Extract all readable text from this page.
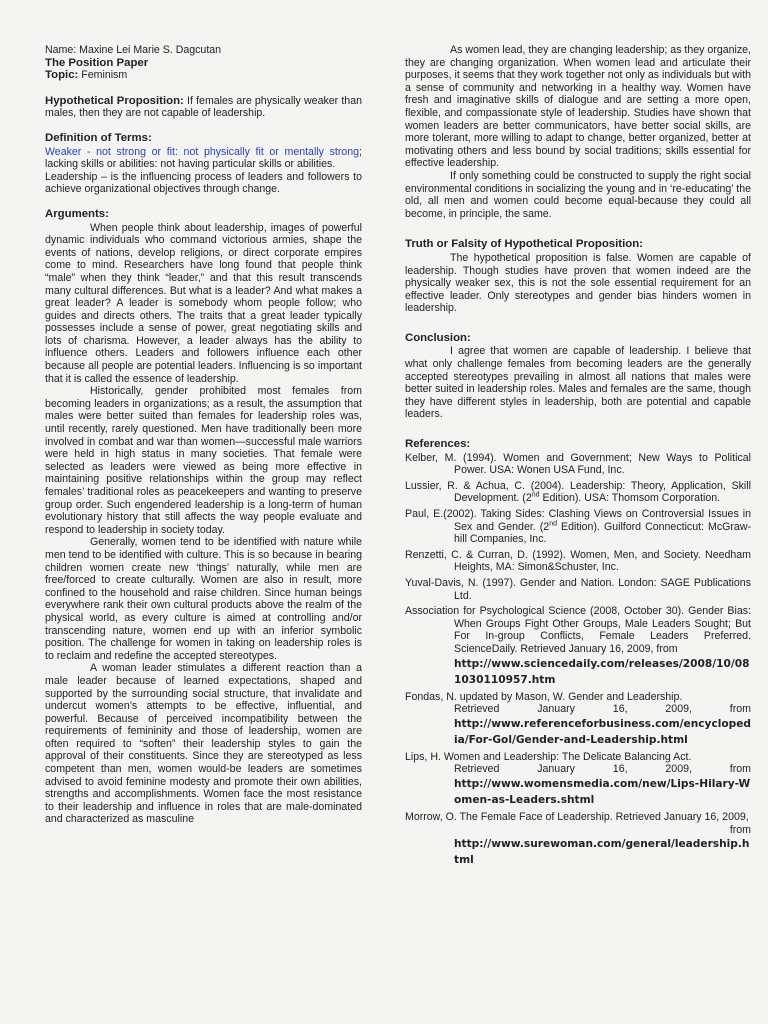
Name: Maxine Lei Marie S. Dagcutan

The Position Paper

Topic: Feminism

Hypothetical Proposition: If females are physically weaker than males, then they are not capable of leadership.

Definition of Terms:

Weaker - not strong or fit: not physically fit or mentally strong; lacking skills or abilities: not having particular skills or abilities.

Leadership – is the influencing process of leaders and followers to achieve organizational objectives through change.

Arguments:

When people think about leadership, images of powerful dynamic individuals who command victorious armies, shape the events of nations, develop religions, or direct corporate empires come to mind. Researchers have long found that people think “male” when they think “leader,” and that this result transcends many cultural differences. But what is a leader? And what makes a great leader? A leader is somebody whom people follow; who guides and directs others. The traits that a great leader typically possesses include a sense of power, great negotiating skills and lots of charisma. However, a leader always has the ability to influence others. Leaders and followers influence each other because all people are potential leaders. Influencing is so important that it is called the essence of leadership.

Historically, gender prohibited most females from becoming leaders in organizations; as a result, the assumption that males were better suited than females for leadership roles was, until recently, rarely questioned. Men have traditionally been more involved in combat and war than women—successful male warriors were held in high status in many societies. That female were selected as leaders were viewed as being more effective in maintaining positive relationships within the group may reflect females’ traditional roles as peacekeepers and wanting to preserve group order. Such engendered leadership is a long-term of human evolutionary history that still affects the way people evaluate and respond to leadership in society today.

Generally, women tend to be identified with nature while men tend to be identified with culture. This is so because in bearing children women create new ‘things’ naturally, while men are free/forced to create culturally. Women are also in result, more confined to the household and raise children. Since human beings everywhere rank their own cultural products above the realm of the physical world, as every culture is aimed at controlling and/or transcending nature, women end up with an inferior symbolic position. The challenge for women in taking on leadership roles is to reclaim and redefine the accepted stereotypes.

A woman leader stimulates a different reaction than a male leader because of learned expectations, shaped and supported by the surrounding social structure, that invalidate and undercut women’s attempts to be effective, influential, and powerful. Because of perceived incompatibility between the requirements of femininity and those of leadership, women are often required to “soften” their leadership styles to gain the approval of their constituents. Since they are stereotyped as less competent than men, women would-be leaders are sometimes advised to avoid feminine modesty and promote their own abilities, strengths and accomplishments. Women face the most resistance to their leadership and influence in roles that are male-dominated and characterized as masculine

As women lead, they are changing leadership; as they organize, they are changing organization. When women lead and articulate their purposes, it seems that they work together not only as individuals but with a sense of community and networking in a healthy way. Women have fresh and imaginative skills of dialogue and are setting a more open, flexible, and compassionate style of leadership. Studies have shown that women leaders are better communicators, have better social skills, are more tolerant, more willing to adapt to change, better organized, better at motivating others and less bound by social traditions; skills essential for effective leadership.

If only something could be constructed to supply the right social environmental conditions in socializing the young and in ‘re-educating’ the old, all men and women could become equal-because they could all become, in principle, the same.

Truth or Falsity of Hypothetical Proposition:

The hypothetical proposition is false. Women are capable of leadership. Though studies have proven that women indeed are the physically weaker sex, this is not the sole essential requirement for an effective leader. Only stereotypes and gender bias hinders women in leadership.

Conclusion:

I agree that women are capable of leadership. I believe that what only challenge females from becoming leaders are the generally accepted stereotypes prevailing in almost all nations that males were better suited in leadership roles. Males and females are the same, though they have different styles in leadership, both are potential and capable leaders.

References:

Kelber, M. (1994). Women and Government; New Ways to Political Power. USA: Wonen USA Fund, Inc.

Lussier, R. & Achua, C. (2004). Leadership: Theory, Application, Skill Development. (2nd Edition). USA: Thomsom Corporation.

Paul, E.(2002). Taking Sides: Clashing Views on Controversial Issues in Sex and Gender. (2nd Edition). Guilford Connecticut: McGraw-hill Companies, Inc.

Renzetti, C. & Curran, D. (1992). Women, Men, and Society. Needham Heights, MA: Simon&Schuster, Inc.

Yuval-Davis, N. (1997). Gender and Nation. London: SAGE Publications Ltd.

Association for Psychological Science (2008, October 30). Gender Bias: When Groups Fight Other Groups, Male Leaders Sought; But For In-group Conflicts, Female Leaders Preferred. ScienceDaily. Retrieved January 16, 2009, from
http://www.sciencedaily.com/releases/2008/10/081030110957.htm

Fondas, N. updated by Mason, W. Gender and Leadership.
Retrieved	January	16,	2009,	from
http://www.referenceforbusiness.com/encyclopedia/For-Gol/Gender-and-Leadership.html

Lips, H. Women and Leadership: The Delicate Balancing Act.
Retrieved	January	16,	2009,	from
http://www.womensmedia.com/new/Lips-Hilary-Women-as-Leaders.shtml

Morrow, O. The Female Face of Leadership. Retrieved January 16, 2009,
from
http://www.surewoman.com/general/leadership.html
